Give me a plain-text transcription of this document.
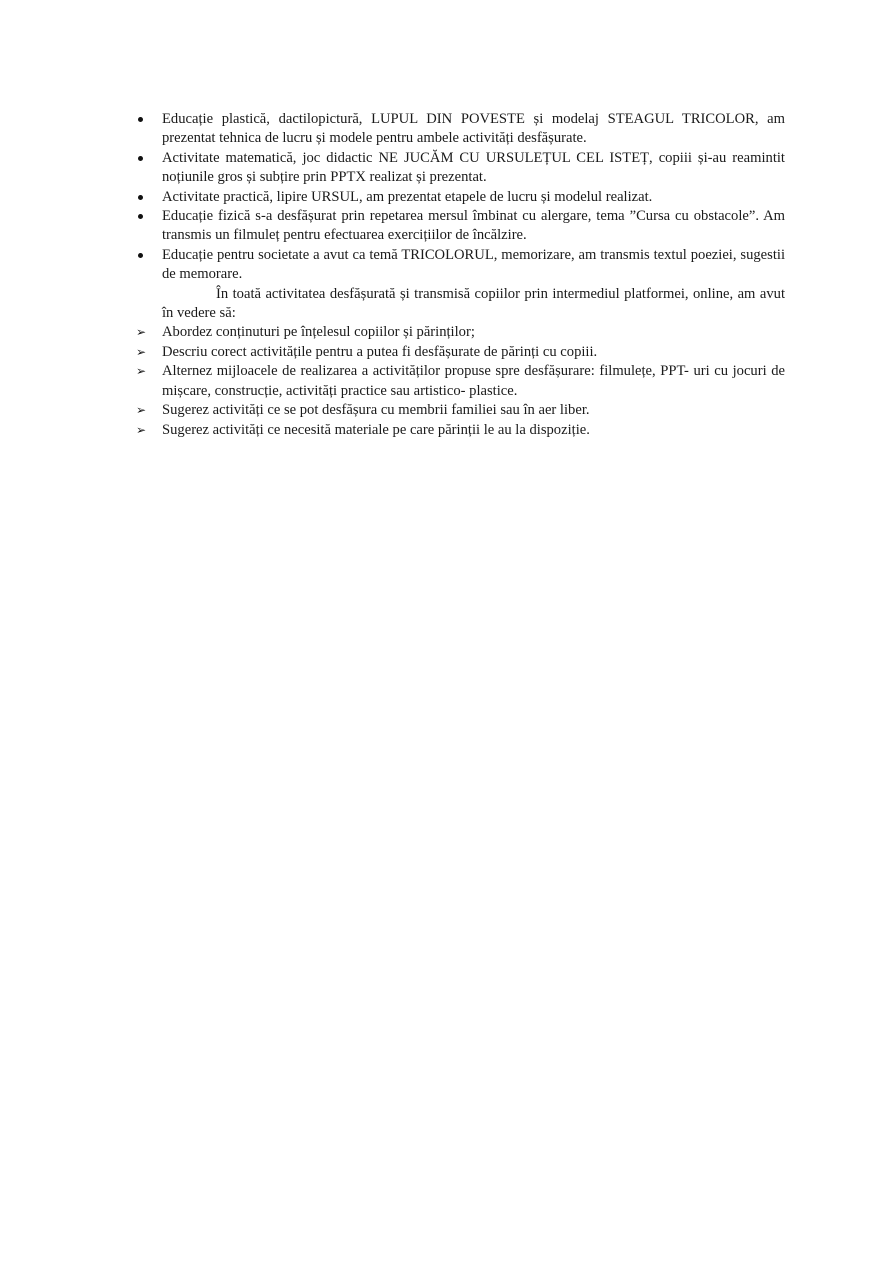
Educație plastică, dactilopictură, LUPUL DIN POVESTE și modelaj STEAGUL TRICOLOR, am prezentat tehnica de lucru și modele pentru ambele activități desfășurate.
Activitate matematică, joc didactic NE JUCĂM CU URSULEȚUL CEL ISTEȚ, copiii și-au reamintit noțiunile gros și subțire prin PPTX realizat și prezentat.
Activitate practică, lipire URSUL, am prezentat etapele de lucru și modelul realizat.
Educație fizică s-a desfășurat prin repetarea mersul îmbinat cu alergare, tema ”Cursa cu obstacole”. Am transmis un filmuleț pentru efectuarea exercițiilor de încălzire.
Educație pentru societate a avut ca temă TRICOLORUL, memorizare, am transmis textul poeziei, sugestii de memorare.
În toată activitatea desfășurată și transmisă copiilor prin intermediul platformei, online, am avut în vedere să:
➢ Abordez conținuturi pe înțelesul copiilor și părinților;
➢ Descriu corect activitățile pentru a putea fi desfășurate de părinți cu copiii.
➢ Alternez mijloacele de realizarea a activităților propuse spre desfășurare: filmulețe, PPT- uri cu jocuri de mișcare, construcție, activități practice sau artistico- plastice.
➢ Sugerez activități ce se pot desfășura cu membrii familiei sau în aer liber.
➢ Sugerez activități ce necesită materiale pe care părinții le au la dispoziție.
